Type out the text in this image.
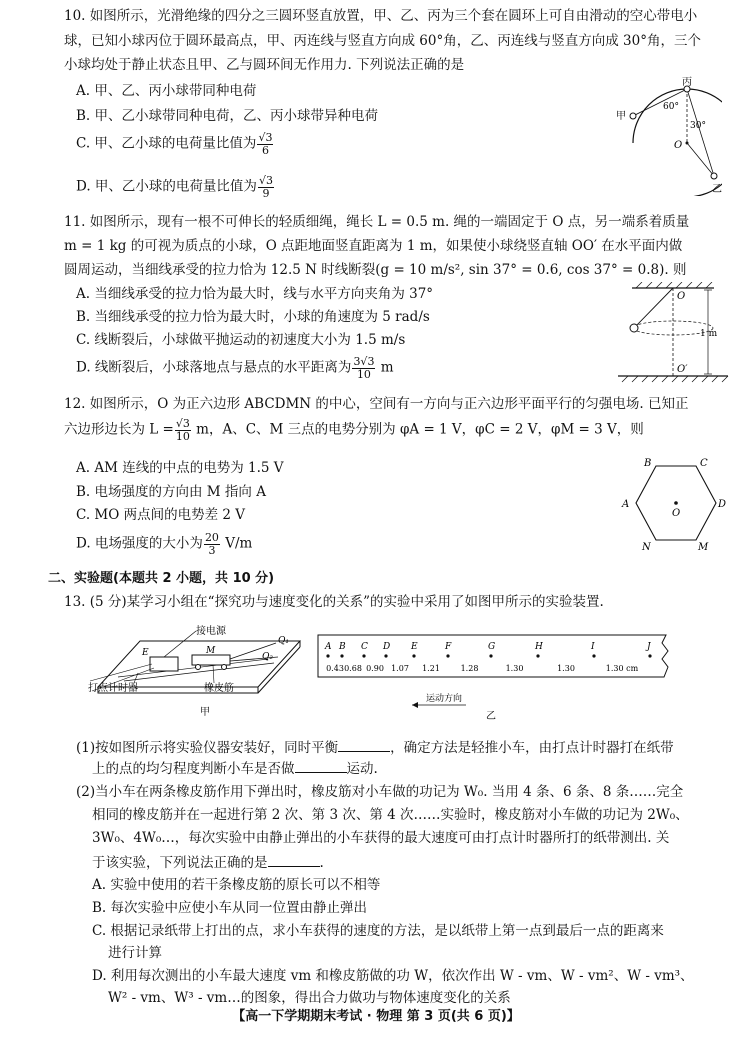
10. 如图所示，光滑绝缘的四分之三圆环竖直放置，甲、乙、丙为三个套在圆环上可自由滑动的空心带电小
球，已知小球丙位于圆环最高点，甲、丙连线与竖直方向成 60°角，乙、丙连线与竖直方向成 30°角，三个
小球均处于静止状态且甲、乙与圆环间无作用力. 下列说法正确的是
A. 甲、乙、丙小球带同种电荷
B. 甲、乙小球带同种电荷，乙、丙小球带异种电荷
C. 甲、乙小球的电荷量比值为 $\frac{√3}{6}$
D. 甲、乙小球的电荷量比值为 $\frac{√3}{9}$
丙
甲
乙
O
60°
30°
11. 如图所示，现有一根不可伸长的轻质细绳，绳长 L = 0.5 m. 绳的一端固定于 O 点，另一端系着质量
m = 1 kg 的可视为质点的小球，O 点距地面竖直距离为 1 m，如果使小球绕竖直轴 OO′ 在水平面内做
圆周运动，当细线承受的拉力恰为 12.5 N 时线断裂(g = 10 m/s², sin 37° = 0.6, cos 37° = 0.8). 则
A. 当细线承受的拉力恰为最大时，线与水平方向夹角为 37°
B. 当细线承受的拉力恰为最大时，小球的角速度为 5 rad/s
C. 线断裂后，小球做平抛运动的初速度大小为 1.5 m/s
D. 线断裂后，小球落地点与悬点的水平距离为 $\frac{3√3}{10}$ m
O
O′
1 m
12. 如图所示，O 为正六边形 ABCDMN 的中心，空间有一方向与正六边形平面平行的匀强电场. 已知正
六边形边长为 $L = \frac{√3}{10}$ m，A、C、M 三点的电势分别为 φA = 1 V，φC = 2 V，φM = 3 V，则
A. AM 连线的中点的电势为 1.5 V
B. 电场强度的方向由 M 指向 A
C. MO 两点间的电势差 2 V
D. 电场强度的大小为 $\frac{20}{3} V/m$
B	C
A	D
N	M
O
二、实验题(本题共 2 小题，共 10 分)
13. (5 分)某学习小组在“探究功与速度变化的关系”的实验中采用了如图甲所示的实验装置.
接电源
E	M
Q₁
Q₂
打点计时器	橡皮筋
甲
A B C D E	F	G	H	I	J
0.43 0.68 0.90 1.07 1.21	1.28	1.30	1.30	1.30 cm
运动方向
乙
(1)按如图所示将实验仪器安装好，同时平衡	，确定方法是轻推小车，由打点计时器打在纸带
上的点的均匀程度判断小车是否做	运动.
(2)当小车在两条橡皮筋作用下弹出时，橡皮筋对小车做的功记为 W₀. 当用 4 条、6 条、8 条……完全
相同的橡皮筋并在一起进行第 2 次、第 3 次、第 4 次……实验时，橡皮筋对小车做的功记为 2W₀、
3W₀、4W₀…，每次实验中由静止弹出的小车获得的最大速度可由打点计时器所打的纸带测出. 关
于该实验，下列说法正确的是	.
A. 实验中使用的若干条橡皮筋的原长可以不相等
B. 每次实验中应使小车从同一位置由静止弹出
C. 根据记录纸带上打出的点，求小车获得的速度的方法，是以纸带上第一点到最后一点的距离来
进行计算
D. 利用每次测出的小车最大速度 vm 和橡皮筋做的功 W，依次作出 W - vm、W - vm²、W - vm³、
W² - vm、W³ - vm…的图象，得出合力做功与物体速度变化的关系
【高一下学期期末考试 · 物理 第 3 页(共 6 页)】
